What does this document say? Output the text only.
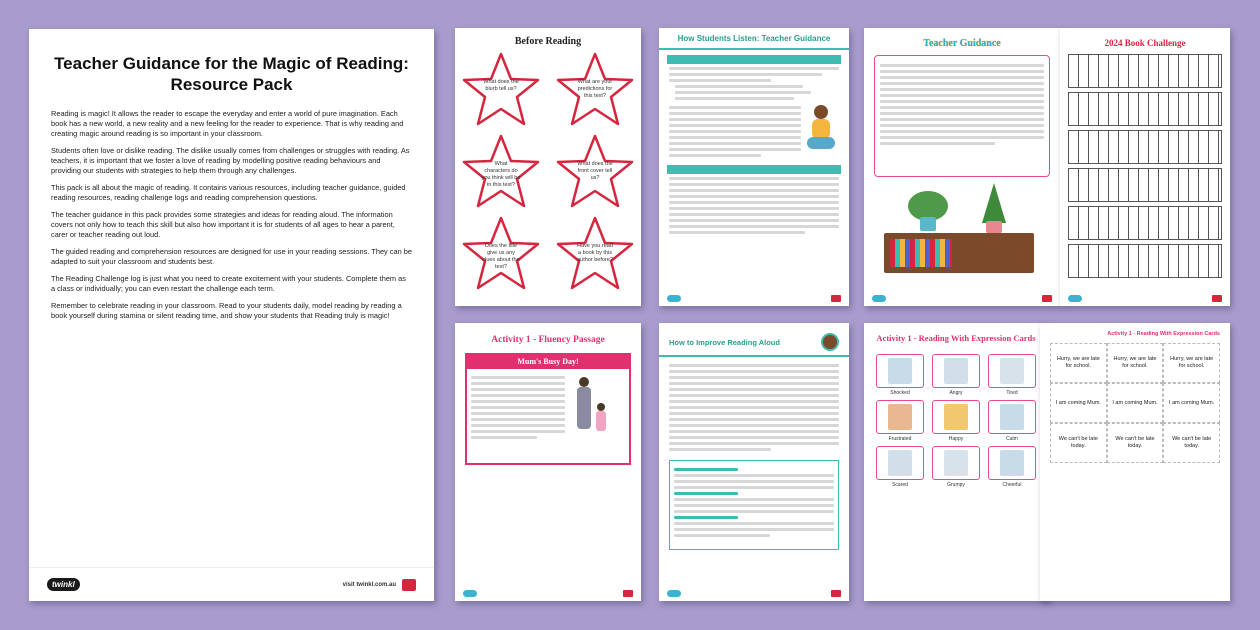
Teacher Guidance for the Magic of Reading: Resource Pack

Reading is magic! It allows the reader to escape the everyday and enter a world of pure imagination. Each book has a new world, a new reality and a new feeling for the reader to experience. That is why reading and creating magic around reading is so important in your classroom.

Students often love or dislike reading. The dislike usually comes from challenges or struggles with reading. As teachers, it is important that we foster a love of reading by modelling positive reading behaviours and providing our students with strategies to help them through any challenges.

This pack is all about the magic of reading. It contains various resources, including teacher guidance, guided reading resources, reading challenge logs and reading comprehension questions.

The teacher guidance in this pack provides some strategies and ideas for reading aloud. The information covers not only how to teach this skill but also how important it is for students of all ages to hear a parent, carer or teacher reading out loud.

The guided reading and comprehension resources are designed for use in your reading sessions. They can be adapted to suit your classroom and students best.

The Reading Challenge log is just what you need to create excitement with your students. Complete them as a class or individually; you can even restart the challenge each term.

Remember to celebrate reading in your classroom. Read to your students daily, model reading by reading a book yourself during stamina or silent reading time, and show your students that Reading truly is magic!

twinkl	visit twinkl.com.au
Before Reading
What does the blurb tell us?
What are your predictions for this text?
What characters do you think will be in this text?
What does the front cover tell us?
Does the title give us any clues about the text?
Have you read a book by this author before?
How Students Listen: Teacher Guidance	Teacher Guidance	2024 Book Challenge
Activity 1 - Fluency Passage
Mum's Busy Day!
How to Improve Reading Aloud	Activity 1 - Reading With Expression Cards
Shocked	Angry	Tired
Frustrated	Happy	Calm
Scared	Grumpy	Cheerful
Activity 1 - Reading With Expression Cards
Hurry, we are late for school.
Hurry, we are late for school.
Hurry, we are late for school.
I am coming Mum.	I am coming Mum.	I am coming Mum.
We can't be late today.
We can't be late today.
We can't be late today.
